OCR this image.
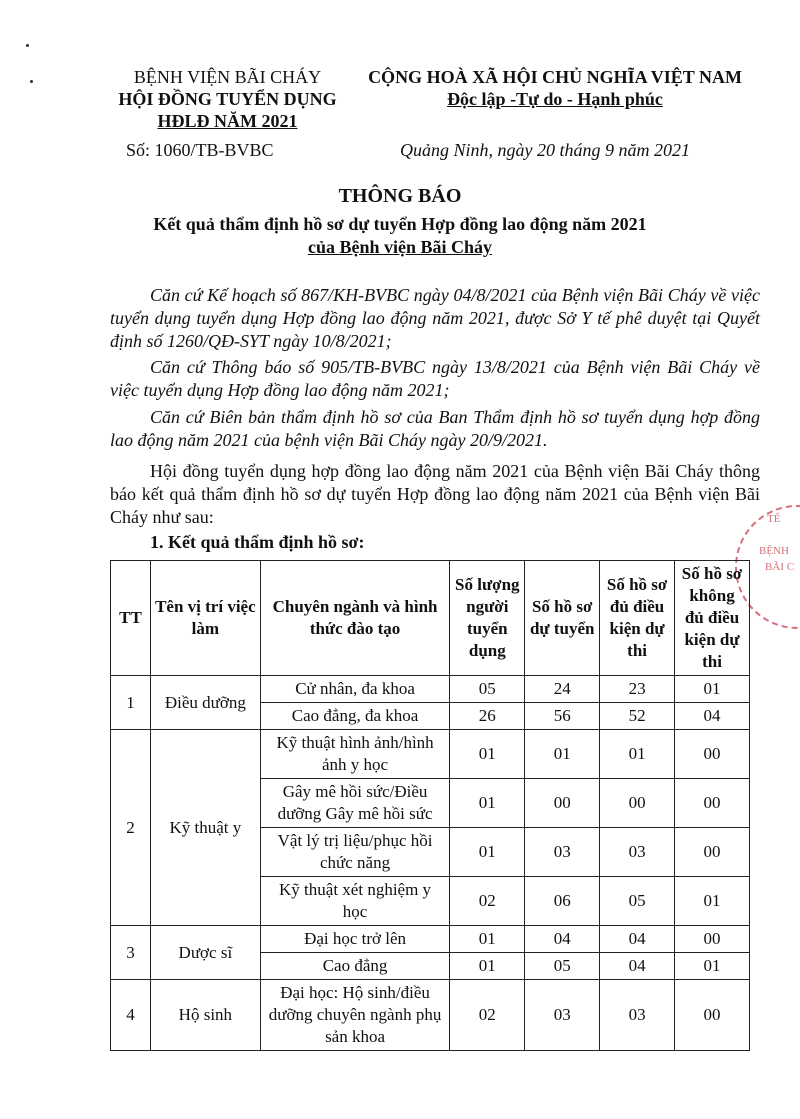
BỆNH VIỆN BÃI CHÁY
HỘI ĐỒNG TUYỂN DỤNG
HĐLĐ NĂM 2021
CỘNG HOÀ XÃ HỘI CHỦ NGHĨA VIỆT NAM
Độc lập -Tự do - Hạnh phúc
Số: 1060/TB-BVBC	Quảng Ninh, ngày 20 tháng 9 năm 2021
THÔNG BÁO
Kết quả thẩm định hồ sơ dự tuyển Hợp đồng lao động năm 2021
của Bệnh viện Bãi Cháy
Căn cứ Kế hoạch số 867/KH-BVBC ngày 04/8/2021 của Bệnh viện Bãi Cháy về việc tuyển dụng tuyển dụng Hợp đồng lao động năm 2021, được Sở Y tế phê duyệt tại Quyết định số 1260/QĐ-SYT ngày 10/8/2021;
Căn cứ Thông báo số 905/TB-BVBC ngày 13/8/2021 của Bệnh viện Bãi Cháy về việc tuyển dụng Hợp đồng lao động năm 2021;
Căn cứ Biên bản thẩm định hồ sơ của Ban Thẩm định hồ sơ tuyển dụng hợp đồng lao động năm 2021 của bệnh viện Bãi Cháy ngày 20/9/2021.
Hội đồng tuyển dụng hợp đồng lao động năm 2021 của Bệnh viện Bãi Cháy thông báo kết quả thẩm định hồ sơ dự tuyển Hợp đồng lao động năm 2021 của Bệnh viện Bãi Cháy như sau:
1. Kết quả thẩm định hồ sơ:
TẾ
BỆNH
BÃI C
TT	Tên vị trí việc làm	Chuyên ngành và hình thức đào tạo	Số lượng người tuyển dụng	Số hồ sơ dự tuyển	Số hồ sơ đủ điều kiện dự thi	Số hồ sơ không đủ điều kiện dự thi
1	Điều dưỡng	Cử nhân, đa khoa	05	24	23	01
		Cao đẳng, đa khoa	26	56	52	04
2	Kỹ thuật y	Kỹ thuật hình ảnh/hình ảnh y học	01	01	01	00
		Gây mê hồi sức/Điều dưỡng Gây mê hồi sức	01	00	00	00
		Vật lý trị liệu/phục hồi chức năng	01	03	03	00
		Kỹ thuật xét nghiệm y học	02	06	05	01
3	Dược sĩ	Đại học trở lên	01	04	04	00
		Cao đẳng	01	05	04	01
4	Hộ sinh	Đại học: Hộ sinh/điều dưỡng chuyên ngành phụ sản khoa	02	03	03	00
